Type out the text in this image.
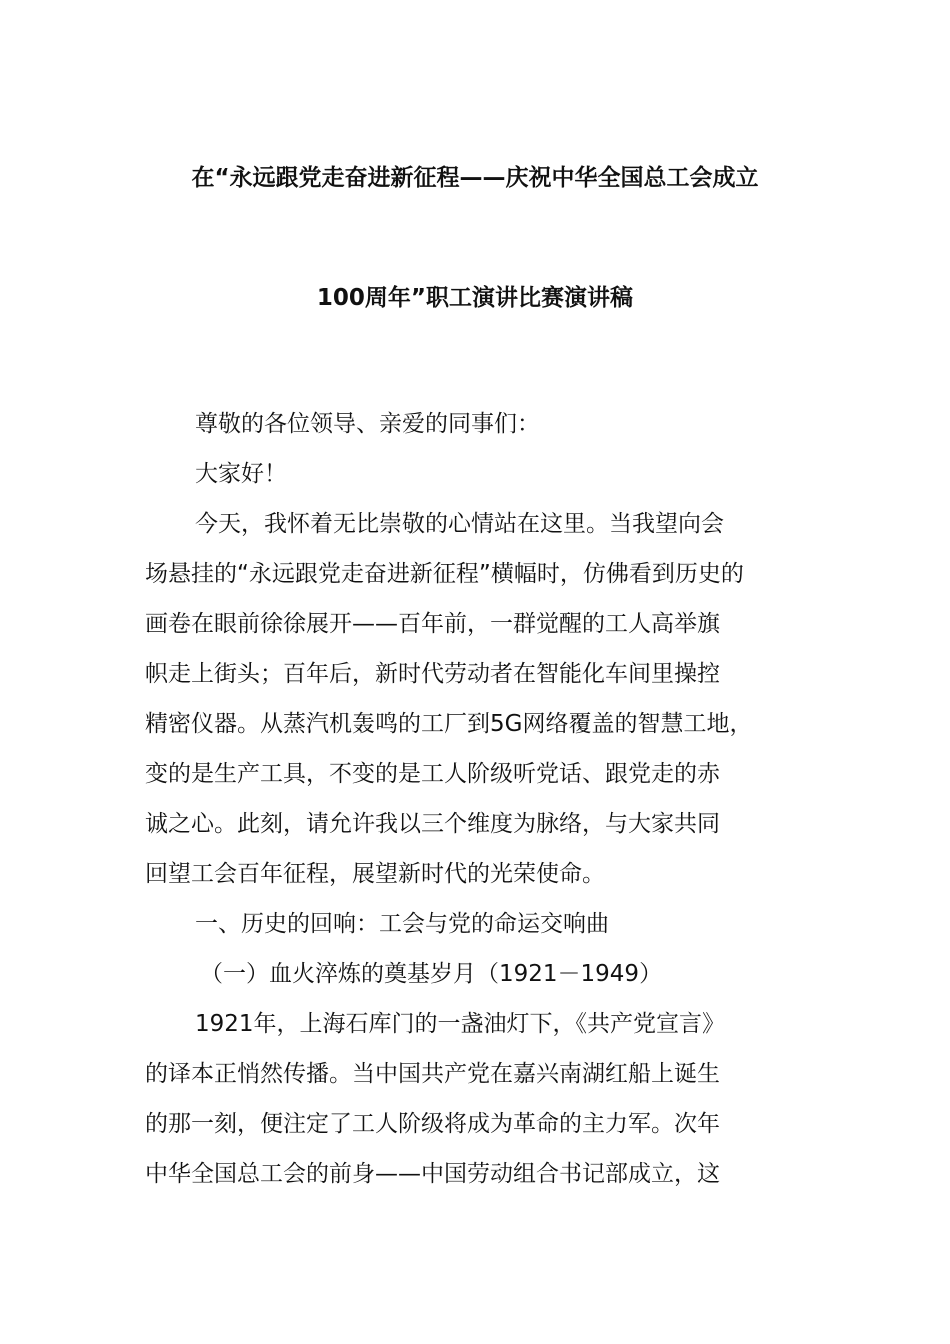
在“永远跟党走奋进新征程——庆祝中华全国总工会成立
100周年”职工演讲比赛演讲稿
尊敬的各位领导、亲爱的同事们：
大家好！
今天，我怀着无比崇敬的心情站在这里。当我望向会
场悬挂的“永远跟党走奋进新征程”横幅时，仿佛看到历史的
画卷在眼前徐徐展开——百年前，一群觉醒的工人高举旗
帜走上街头；百年后，新时代劳动者在智能化车间里操控
精密仪器。从蒸汽机轰鸣的工厂到5G网络覆盖的智慧工地，
变的是生产工具，不变的是工人阶级听党话、跟党走的赤
诚之心。此刻，请允许我以三个维度为脉络，与大家共同
回望工会百年征程，展望新时代的光荣使命。
一、历史的回响：工会与党的命运交响曲
（一）血火淬炼的奠基岁月（1921－1949）
1921年，上海石库门的一盏油灯下，《共产党宣言》
的译本正悄然传播。当中国共产党在嘉兴南湖红船上诞生
的那一刻，便注定了工人阶级将成为革命的主力军。次年
中华全国总工会的前身——中国劳动组合书记部成立，这
